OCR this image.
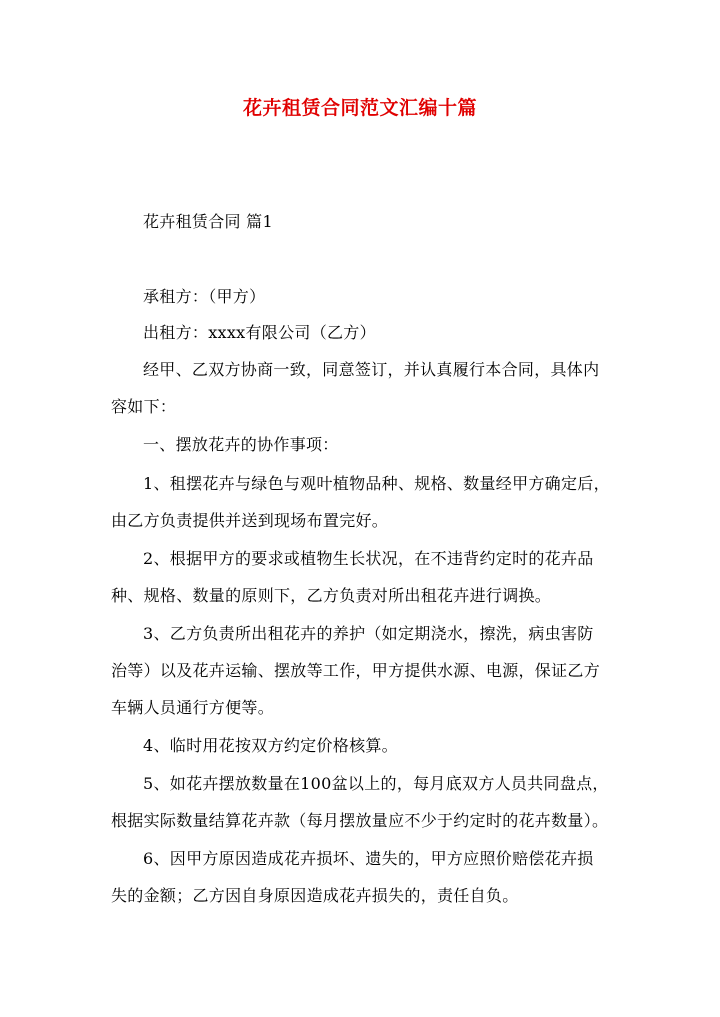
花卉租赁合同范文汇编十篇
花卉租赁合同 篇1
承租方：（甲方）
出租方：xxxx有限公司（乙方）
经甲、乙双方协商一致，同意签订，并认真履行本合同，具体内
容如下：
一、摆放花卉的协作事项：
1、租摆花卉与绿色与观叶植物品种、规格、数量经甲方确定后，
由乙方负责提供并送到现场布置完好。
2、根据甲方的要求或植物生长状况，在不违背约定时的花卉品
种、规格、数量的原则下，乙方负责对所出租花卉进行调换。
3、乙方负责所出租花卉的养护（如定期浇水，擦洗，病虫害防
治等）以及花卉运输、摆放等工作，甲方提供水源、电源，保证乙方
车辆人员通行方便等。
4、临时用花按双方约定价格核算。
5、如花卉摆放数量在100盆以上的，每月底双方人员共同盘点，
根据实际数量结算花卉款（每月摆放量应不少于约定时的花卉数量）。
6、因甲方原因造成花卉损坏、遗失的，甲方应照价赔偿花卉损
失的金额；乙方因自身原因造成花卉损失的，责任自负。
